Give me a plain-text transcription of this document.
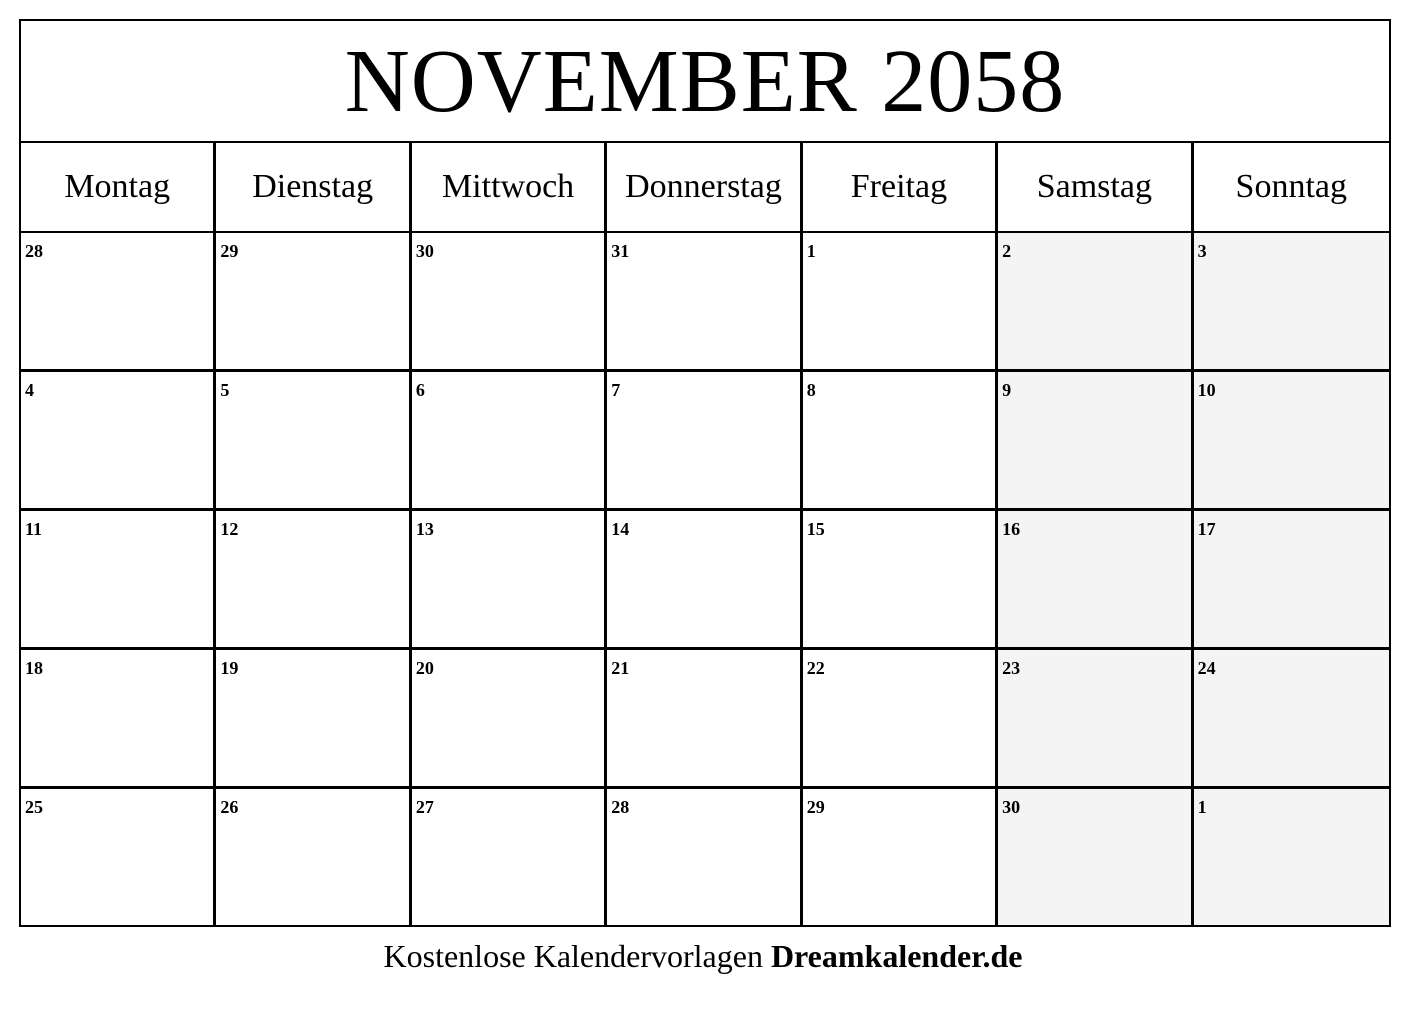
NOVEMBER 2058
Montag	Dienstag	Mittwoch	Donnerstag	Freitag	Samstag	Sonntag
28	29	30	31	1	2	3
4	5	6	7	8	9	10
11	12	13	14	15	16	17
18	19	20	21	22	23	24
25	26	27	28	29	30	1
Kostenlose Kalendervorlagen Dreamkalender.de
